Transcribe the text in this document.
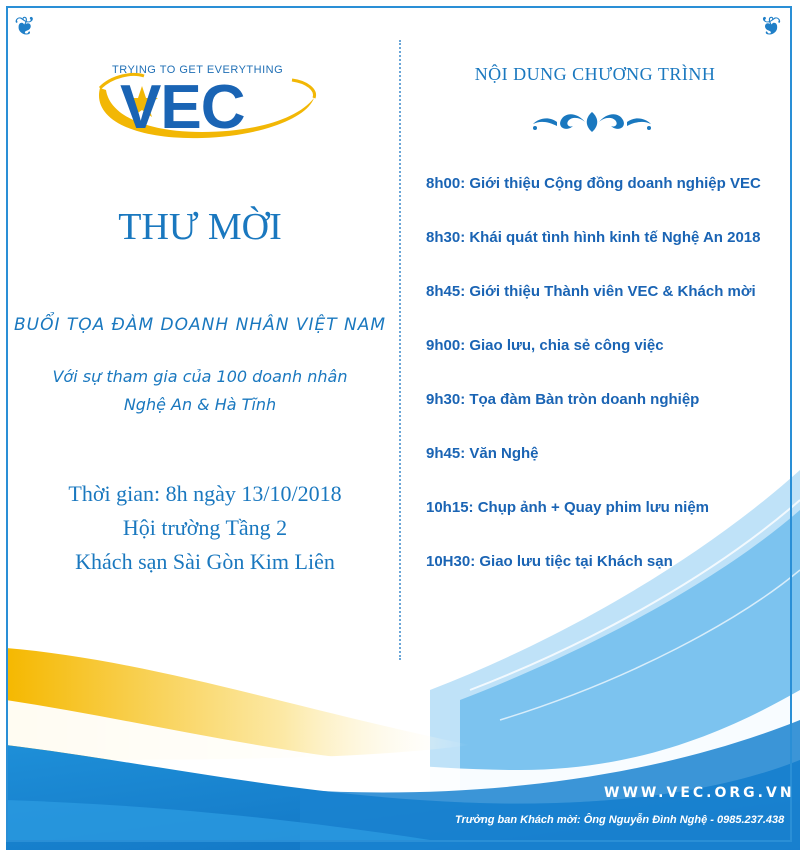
❦	❦
TRYING TO GET EVERYTHING
VEC
THƯ MỜI
BUỔI TỌA ĐÀM DOANH NHÂN VIỆT NAM
Với sự tham gia của 100 doanh nhân
Nghệ An & Hà Tĩnh
Thời gian: 8h ngày 13/10/2018
Hội trường Tầng 2
Khách sạn Sài Gòn Kim Liên
NỘI DUNG CHƯƠNG TRÌNH
8h00: Giới thiệu Cộng đồng doanh nghiệp VEC
8h30: Khái quát tình hình kinh tế Nghệ An 2018
8h45: Giới thiệu Thành viên VEC & Khách mời
9h00: Giao lưu, chia sẻ công việc
9h30: Tọa đàm Bàn tròn doanh nghiệp
9h45: Văn Nghệ
10h15: Chụp ảnh + Quay phim lưu niệm
10H30: Giao lưu tiệc tại Khách sạn
WWW.VEC.ORG.VN
Trưởng ban Khách mời: Ông Nguyễn Đình Nghệ - 0985.237.438
